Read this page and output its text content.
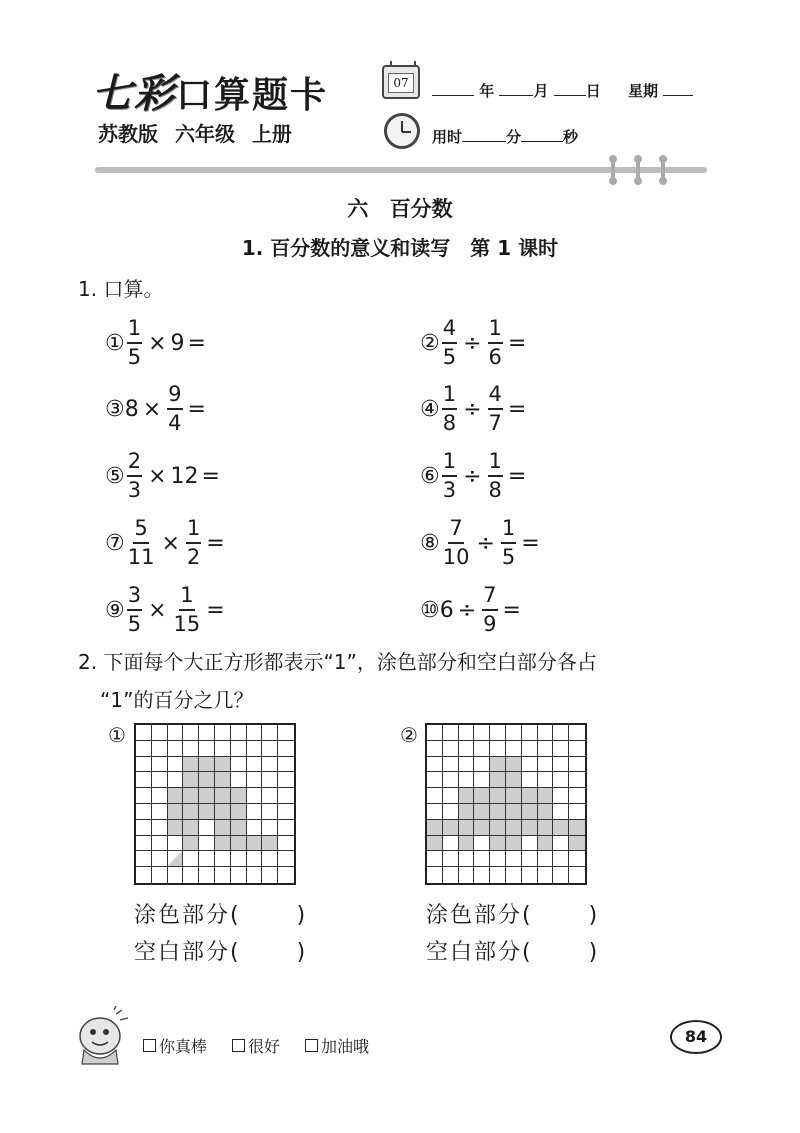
七彩口算题卡
苏教版 六年级 上册
07	年	月 日 星期
用时	分	秒
六 百分数
1. 百分数的意义和读写　第 1 课时
1. 口算。
① $\frac{1}{5} \times 9$ =	② $\frac{4}{5} \div \frac{1}{6}$ =
③ $8 \times \frac{9}{4}$ =	④ $\frac{1}{8} \div \frac{4}{7}$ =
⑤ $\frac{2}{3} \times 12$ =	⑥ $\frac{1}{3} \div \frac{1}{8}$ =
⑦ $\frac{5}{11} \times \frac{1}{2}$ =	⑧ $\frac{7}{10} \div \frac{1}{5}$ =
⑨ $\frac{3}{5} \times \frac{1}{15}$ =	⑩ $6 \div \frac{7}{9}$ =
2. 下面每个大正方形都表示“1”，涂色部分和空白部分各占
“1”的百分之几？
①	②
涂色部分(	)
空白部分(	)
涂色部分(	)
空白部分(	)
你真棒	很好	加油哦
84
